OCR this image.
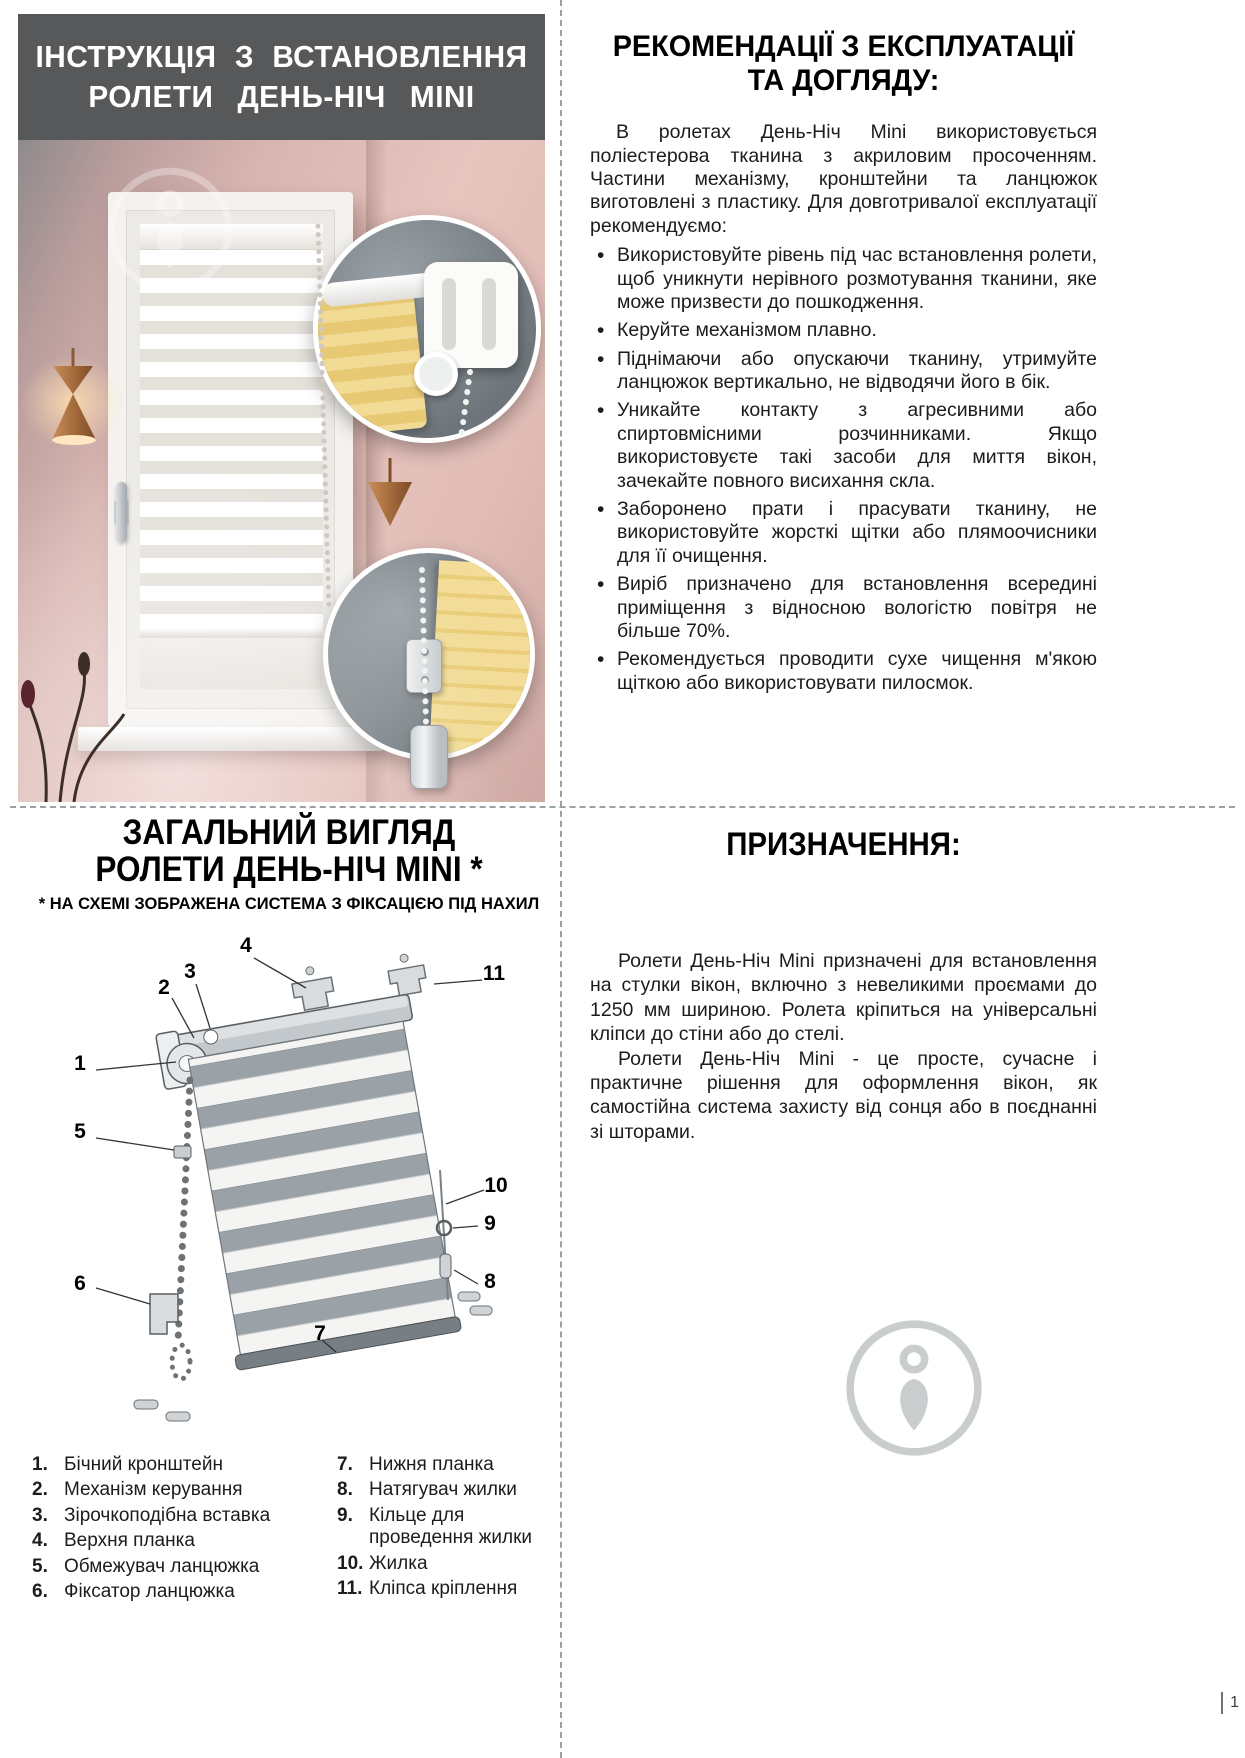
ІНСТРУКЦІЯ З ВСТАНОВЛЕННЯ
РОЛЕТИ ДЕНЬ-НІЧ MINI
РЕКОМЕНДАЦІЇ З ЕКСПЛУАТАЦІЇ
ТА ДОГЛЯДУ:

В ролетах День-Ніч Mini використовується поліестерова тканина з акриловим просоченням. Частини механізму, кронштейни та ланцюжок виготовлені з пластику. Для довготривалої експлуатації рекомендуємо:

• Використовуйте рівень під час встановлення ролети, щоб уникнути нерівного розмотування тканини, яке може призвести до пошкодження.
• Керуйте механізмом плавно.
• Піднімаючи або опускаючи тканину, утримуйте ланцюжок вертикально, не відводячи його в бік.
• Уникайте контакту з агресивними або спиртовмісними розчинниками. Якщо використовуєте такі засоби для миття вікон, зачекайте повного висихання скла.
• Заборонено прати і прасувати тканину, не використовуйте жорсткі щітки або плямоочисники для її очищення.
• Виріб призначено для встановлення всередині приміщення з відносною вологістю повітря не більше 70%.
• Рекомендується проводити сухе чищення м'якою щіткою або використовувати пилосмок.
ЗАГАЛЬНИЙ ВИГЛЯД
РОЛЕТИ ДЕНЬ-НІЧ MINI *
* НА СХЕМІ ЗОБРАЖЕНА СИСТЕМА З ФІКСАЦІЄЮ ПІД НАХИЛ
1
2
3
4
5
6
7
8
9
10
11
1. Бічний кронштейн
2. Механізм керування
3. Зірочкоподібна вставка
4. Верхня планка
5. Обмежувач ланцюжка
6. Фіксатор ланцюжка
7. Нижня планка
8. Натягувач жилки
9. Кільце для проведення жилки
10. Жилка
11. Кліпса кріплення
ПРИЗНАЧЕННЯ:

Ролети День-Ніч Mini призначені для встановлення на стулки вікон, включно з невеликими проємами до 1250 мм шириною. Ролета кріпиться на універсальні кліпси до стіни або до стелі.

Ролети День-Ніч Mini - це просте, сучасне і практичне рішення для оформлення вікон, як самостійна система захисту від сонця або в поєднанні зі шторами.

1
